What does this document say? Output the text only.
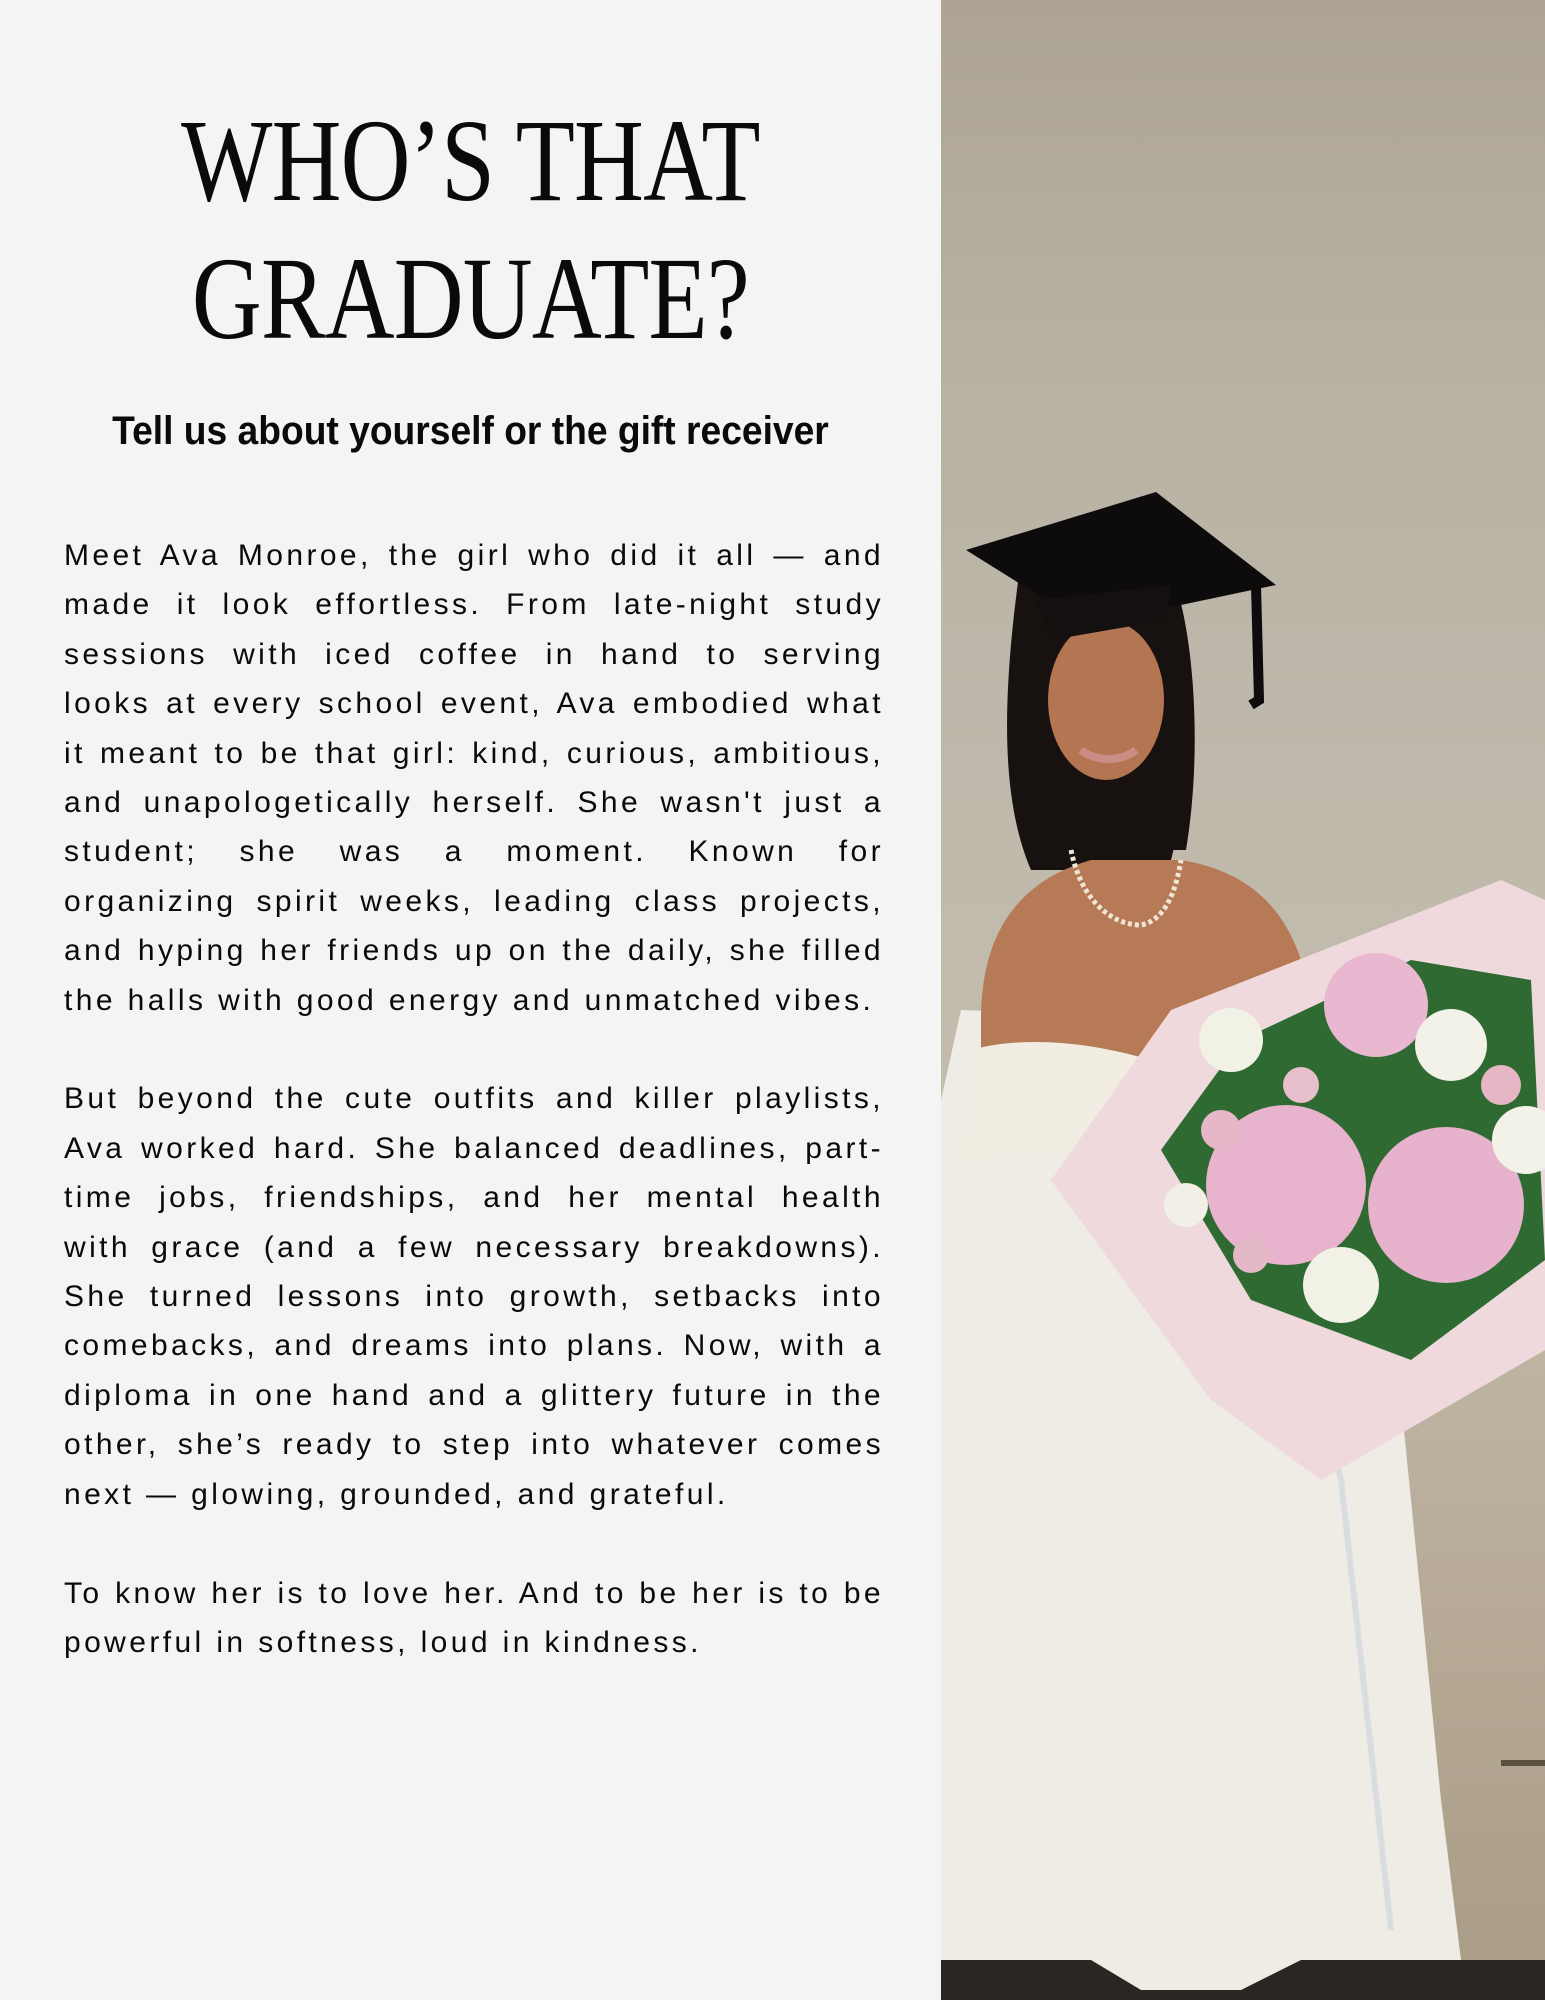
WHO’S THAT
GRADUATE?
Tell us about yourself or the gift receiver

Meet Ava Monroe, the girl who did it all — and made it look effortless. From late-night study sessions with iced coffee in hand to serving looks at every school event, Ava embodied what it meant to be that girl: kind, curious, ambitious, and unapologetically herself. She wasn't just a student; she was a moment. Known for organizing spirit weeks, leading class projects, and hyping her friends up on the daily, she filled the halls with good energy and unmatched vibes.

But beyond the cute outfits and killer playlists, Ava worked hard. She balanced deadlines, part-time jobs, friendships, and her mental health with grace (and a few necessary breakdowns). She turned lessons into growth, setbacks into comebacks, and dreams into plans. Now, with a diploma in one hand and a glittery future in the other, she’s ready to step into whatever comes next — glowing, grounded, and grateful.

To know her is to love her. And to be her is to be powerful in softness, loud in kindness.
